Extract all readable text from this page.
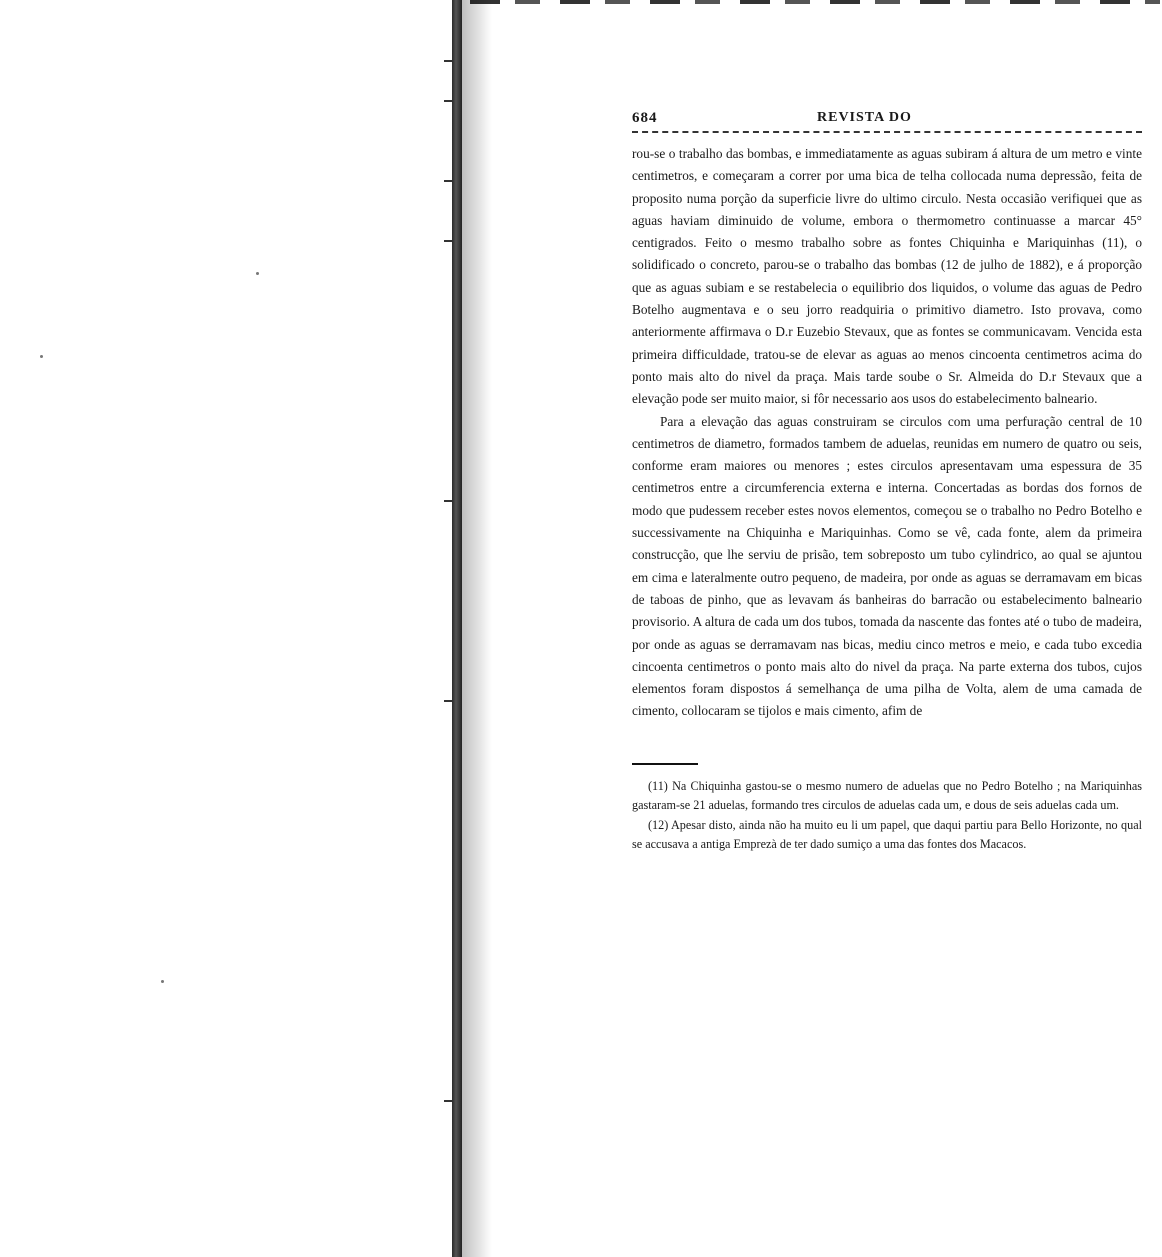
684	REVISTA DO

rou-se o trabalho das bombas, e immediatamente as aguas subiram á altura de um metro e vinte centimetros, e começaram a correr por uma bica de telha collocada numa depressão, feita de proposito numa porção da superficie livre do ultimo circulo. Nesta occasião verifiquei que as aguas haviam diminuido de volume, embora o thermometro continuasse a marcar 45° centigrados. Feito o mesmo trabalho sobre as fontes Chiquinha e Mariquinhas (11), o solidificado o concreto, parou-se o trabalho das bombas (12 de julho de 1882), e á proporção que as aguas subiam e se restabelecia o equilibrio dos liquidos, o volume das aguas de Pedro Botelho augmentava e o seu jorro readquiria o primitivo diametro. Isto provava, como anteriormente affirmava o D.r Euzebio Stevaux, que as fontes se communicavam. Vencida esta primeira difficuldade, tratou-se de elevar as aguas ao menos cincoenta centimetros acima do ponto mais alto do nivel da praça. Mais tarde soube o Sr. Almeida do D.r Stevaux que a elevação pode ser muito maior, si fôr necessario aos usos do estabelecimento balneario.

Para a elevação das aguas construiram se circulos com uma perfuração central de 10 centimetros de diametro, formados tambem de aduelas, reunidas em numero de quatro ou seis, conforme eram maiores ou menores ; estes circulos apresentavam uma espessura de 35 centimetros entre a circumferencia externa e interna. Concertadas as bordas dos fornos de modo que pudessem receber estes novos elementos, começou se o trabalho no Pedro Botelho e successivamente na Chiquinha e Mariquinhas. Como se vê, cada fonte, alem da primeira construcção, que lhe serviu de prisão, tem sobreposto um tubo cylindrico, ao qual se ajuntou em cima e lateralmente outro pequeno, de madeira, por onde as aguas se derramavam em bicas de taboas de pinho, que as levavam ás banheiras do barracão ou estabelecimento balneario provisorio. A altura de cada um dos tubos, tomada da nascente das fontes até o tubo de madeira, por onde as aguas se derramavam nas bicas, mediu cinco metros e meio, e cada tubo excedia cincoenta centimetros o ponto mais alto do nivel da praça. Na parte externa dos tubos, cujos elementos foram dispostos á semelhança de uma pilha de Volta, alem de uma camada de cimento, collocaram se tijolos e mais cimento, afim de

(11) Na Chiquinha gastou-se o mesmo numero de aduelas que no Pedro Botelho ; na Mariquinhas gastaram-se 21 aduelas, formando tres circulos de aduelas cada um, e dous de seis aduelas cada um.

(12) Apesar disto, ainda não ha muito eu li um papel, que daqui partiu para Bello Horizonte, no qual se accusava a antiga Emprezà de ter dado sumiço a uma das fontes dos Macacos.
